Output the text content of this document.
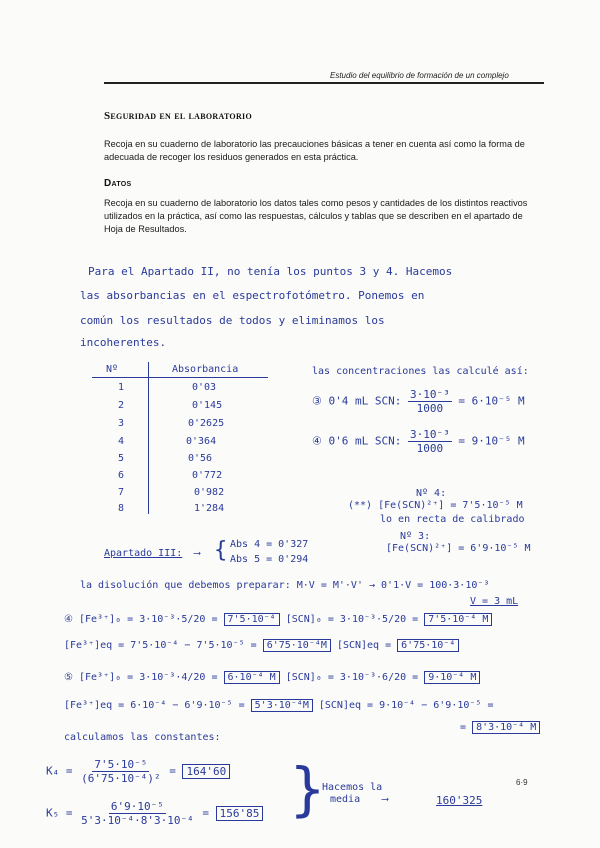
Estudio del equilibrio de formación de un complejo
Seguridad en el laboratorio
Recoja en su cuaderno de laboratorio las precauciones básicas a tener en cuenta así como la forma de adecuada de recoger los residuos generados en esta práctica.
Datos
Recoja en su cuaderno de laboratorio los datos tales como pesos y cantidades de los distintos reactivos utilizados en la práctica, así como las respuestas, cálculos y tablas que se describen en el apartado de Hoja de Resultados.
Para el Apartado II, no tenía los puntos 3 y 4. Hacemos
las absorbancias en el espectrofotómetro. Ponemos en
común los resultados de todos y eliminamos los
incoherentes.
Nº	Absorbancia
1	0'03
2	0'145
3	0'2625
4	0'364
5	0'56
6	0'772
7	0'982
8	1'284
las concentraciones las calculé así:
③ 0'4 mL SCN: $\frac{\text{3·10⁻³}}{1000} = 6\cdot 10^{-5}$ M
④ 0'6 mL SCN: $\frac{\text{3·10⁻³}}{1000} = 9\cdot 10^{-5}$ M
Nº 4:
(**) [Fe(SCN)²⁺] = 7'5·10⁻⁵ M
lo en recta de calibrado
Nº 3:
[Fe(SCN)²⁺] = 6'9·10⁻⁵ M
Apartado III: ⟶ { Abs 4 = 0'327
Abs 5 = 0'294
la disolución que debemos preparar: M·V = M'·V' → 0'1·V = 100·3·10⁻³
V = 3 mL
④ [Fe³⁺]₀ = 3·10⁻³·5/20 = 7'5·10⁻⁴ [SCN]₀ = 3·10⁻³·5/20 = 7'5·10⁻⁴ M
[Fe³⁺]eq = 7'5·10⁻⁴ − 7'5·10⁻⁵ = 6'75·10⁻⁴M [SCN]eq = 6'75·10⁻⁴
⑤ [Fe³⁺]₀ = 3·10⁻³·4/20 = 6·10⁻⁴ M [SCN]₀ = 3·10⁻³·6/20 = 9·10⁻⁴ M
[Fe³⁺]eq = 6·10⁻⁴ − 6'9·10⁻⁵ = 5'3·10⁻⁴M [SCN]eq = 9·10⁻⁴ − 6'9·10⁻⁵ =
= 8'3·10⁻⁴ M
calculamos las constantes:
$K_4 = \frac{\text{7'5·10⁻⁵}}{\text{(6'75·10⁻⁴)²}} = 164'60$
$K_5 = \frac{\text{6'9·10⁻⁵}}{\text{5'3·10⁻⁴·8'3·10⁻⁴}} = 156'85$ }
Hacemos la
media ⟶	160'325
6·9
